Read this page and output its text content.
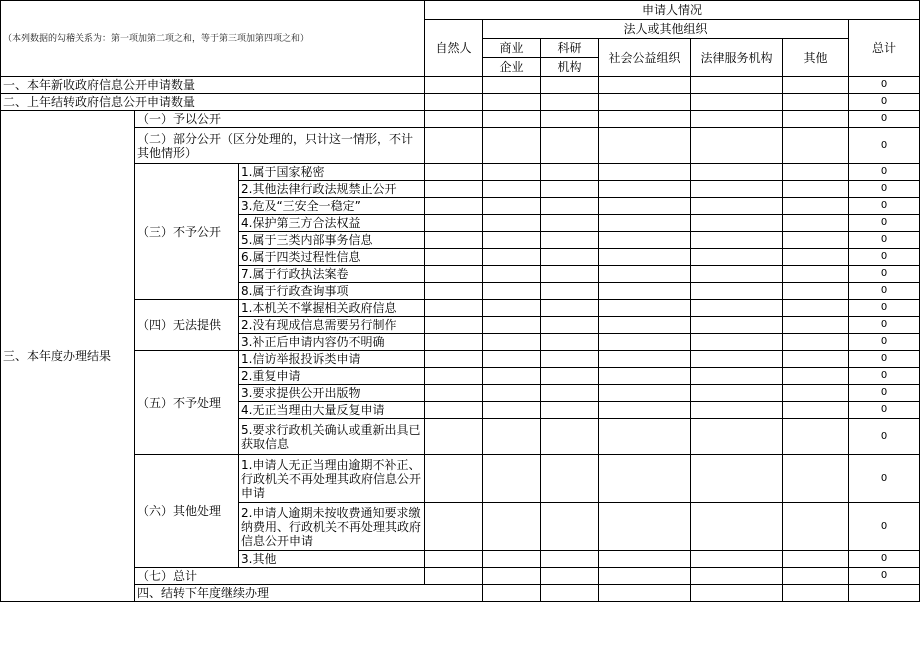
（本列数据的勾稽关系为：第一项加第二项之和，等于第三项加第四项之和）			申请人情况							
			自然人	法人或其他组织					总计	
				商业	科研	社会公益组织	法律服务机构	其他		
				企业	机构					
一、本年新收政府信息公开申请数量									0	
二、上年结转政府信息公开申请数量									0	
三、本年度办理结果	（一）予以公开								0	
	（二）部分公开（区分处理的，只计这一情形，不计其他情形）								0	
	（三）不予公开	1.属于国家秘密							0	
		2.其他法律行政法规禁止公开							0	
		3.危及“三安全一稳定”							0	
		4.保护第三方合法权益							0	
		5.属于三类内部事务信息							0	
		6.属于四类过程性信息							0	
		7.属于行政执法案卷							0	
		8.属于行政查询事项							0	
	（四）无法提供	1.本机关不掌握相关政府信息							0	
		2.没有现成信息需要另行制作							0	
		3.补正后申请内容仍不明确							0	
	（五）不予处理	1.信访举报投诉类申请							0	
		2.重复申请							0	
		3.要求提供公开出版物							0	
		4.无正当理由大量反复申请							0	
		5.要求行政机关确认或重新出具已获取信息							0	
	（六）其他处理	1.申请人无正当理由逾期不补正、行政机关不再处理其政府信息公开申请							0	
		2.申请人逾期未按收费通知要求缴纳费用、行政机关不再处理其政府信息公开申请							0	
		3.其他							0	
	（七）总计								0	
	四、结转下年度继续办理							
